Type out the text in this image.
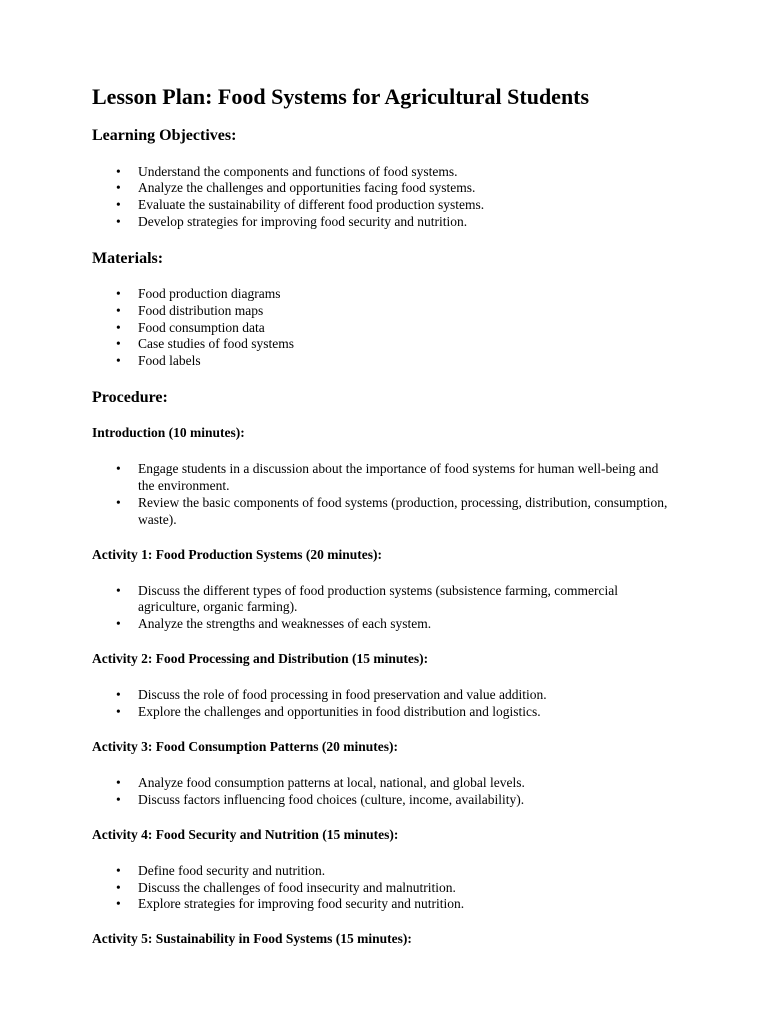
Lesson Plan: Food Systems for Agricultural Students
Learning Objectives:
• Understand the components and functions of food systems.
• Analyze the challenges and opportunities facing food systems.
• Evaluate the sustainability of different food production systems.
• Develop strategies for improving food security and nutrition.
Materials:
• Food production diagrams
• Food distribution maps
• Food consumption data
• Case studies of food systems
• Food labels
Procedure:
Introduction (10 minutes):
• Engage students in a discussion about the importance of food systems for human well-being and the environment.
• Review the basic components of food systems (production, processing, distribution, consumption, waste).
Activity 1: Food Production Systems (20 minutes):
• Discuss the different types of food production systems (subsistence farming, commercial agriculture, organic farming).
• Analyze the strengths and weaknesses of each system.
Activity 2: Food Processing and Distribution (15 minutes):
• Discuss the role of food processing in food preservation and value addition.
• Explore the challenges and opportunities in food distribution and logistics.
Activity 3: Food Consumption Patterns (20 minutes):
• Analyze food consumption patterns at local, national, and global levels.
• Discuss factors influencing food choices (culture, income, availability).
Activity 4: Food Security and Nutrition (15 minutes):
• Define food security and nutrition.
• Discuss the challenges of food insecurity and malnutrition.
• Explore strategies for improving food security and nutrition.
Activity 5: Sustainability in Food Systems (15 minutes):
